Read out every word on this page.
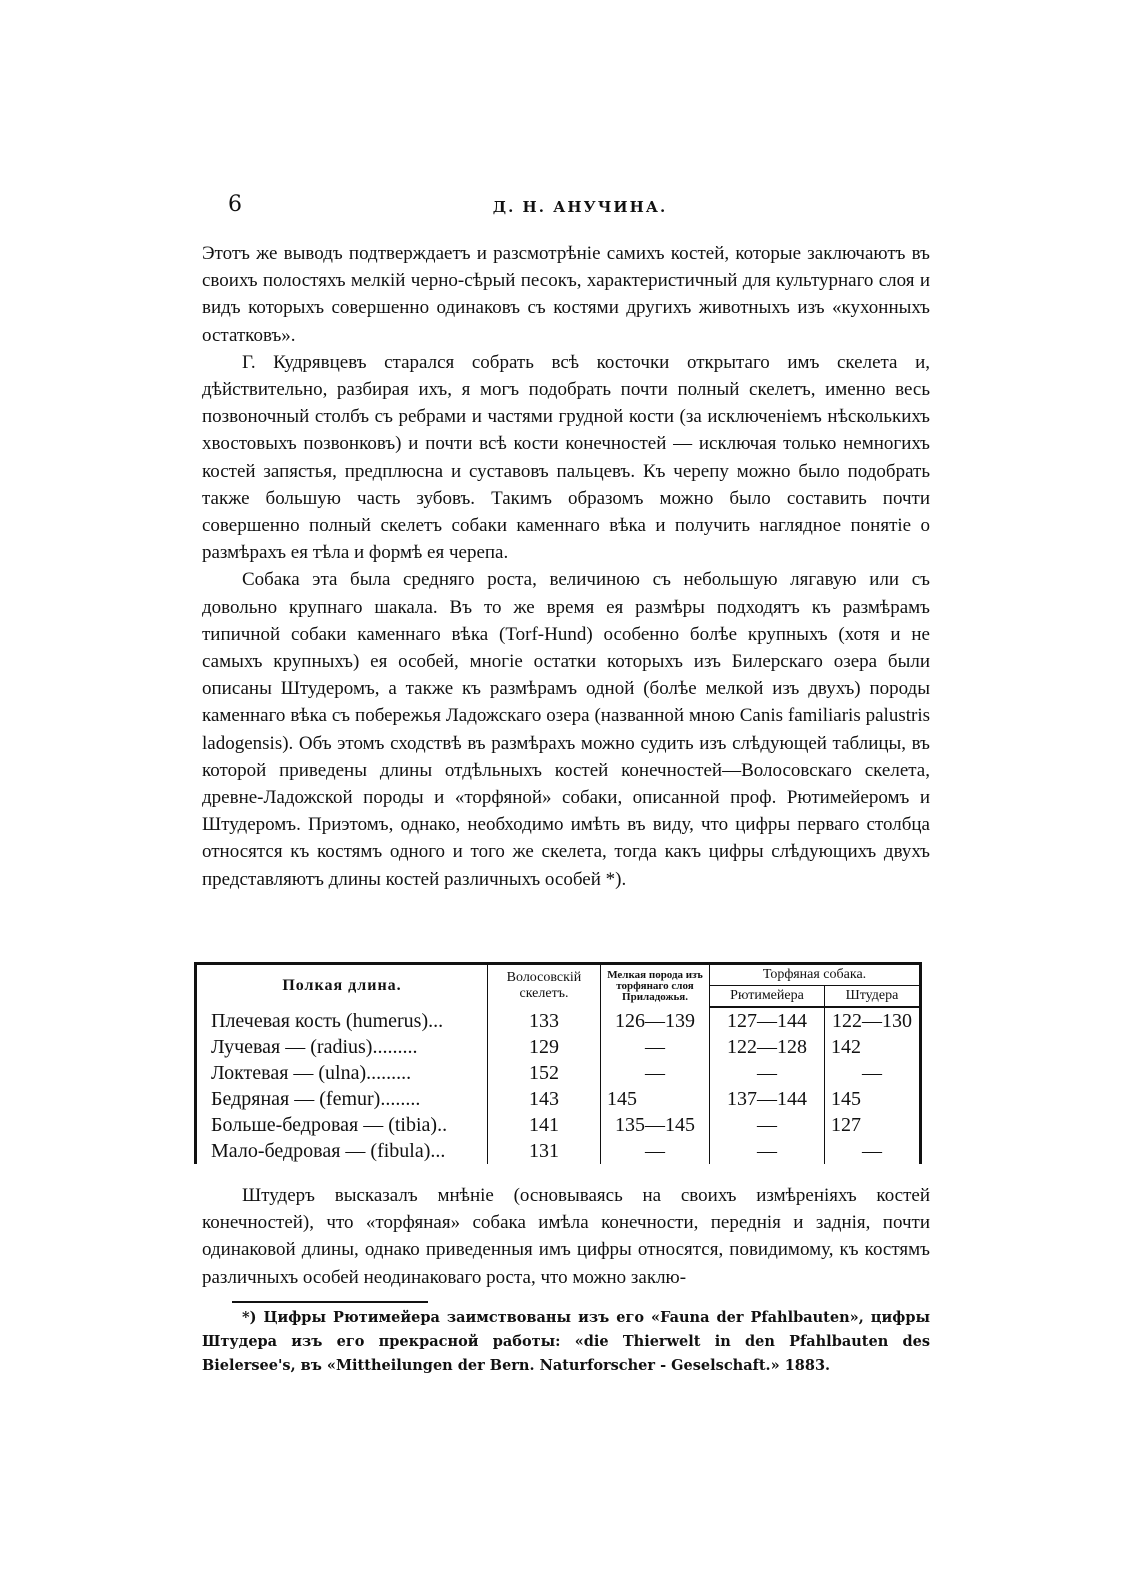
6	Д. Н. АНУЧИНА.

Этотъ же выводъ подтверждаетъ и разсмотрѣніе самихъ костей, которые заключаютъ въ своихъ полостяхъ мелкій черно-сѣрый песокъ, характеристичный для культурнаго слоя и видъ которыхъ совершенно одинаковъ съ костями другихъ животныхъ изъ «кухонныхъ остатковъ».

Г. Кудрявцевъ старался собрать всѣ косточки открытаго имъ скелета и, дѣйствительно, разбирая ихъ, я могъ подобрать почти полный скелетъ, именно весь позвоночный столбъ съ ребрами и частями грудной кости (за исключеніемъ нѣсколькихъ хвостовыхъ позвонковъ) и почти всѣ кости конечностей — исключая только немногихъ костей запястья, предплюсна и суставовъ пальцевъ. Къ черепу можно было подобрать также большую часть зубовъ. Такимъ образомъ можно было составить почти совершенно полный скелетъ собаки каменнаго вѣка и получить наглядное понятіе о размѣрахъ ея тѣла и формѣ ея черепа.

Собака эта была средняго роста, величиною съ небольшую лягавую или съ довольно крупнаго шакала. Въ то же время ея размѣры подходятъ къ размѣрамъ типичной собаки каменнаго вѣка (Torf-Hund) особенно болѣе крупныхъ (хотя и не самыхъ крупныхъ) ея особей, многіе остатки которыхъ изъ Билерскаго озера были описаны Штудеромъ, а также къ размѣрамъ одной (болѣе мелкой изъ двухъ) породы каменнаго вѣка съ побережья Ладожскаго озера (названной мною Canis familiaris palustris ladogensis). Объ этомъ сходствѣ въ размѣрахъ можно судить изъ слѣдующей таблицы, въ которой приведены длины отдѣльныхъ костей конечностей—Волосовскаго скелета, древне-Ладожской породы и «торфяной» собаки, описанной проф. Рютимейеромъ и Штудеромъ. Приэтомъ, однако, необходимо имѣть въ виду, что цифры перваго столбца относятся къ костямъ одного и того же скелета, тогда какъ цифры слѣдующихъ двухъ представляютъ длины костей различныхъ особей *).

Полкая длина.	Волосовскій скелетъ.	Мелкая порода изъ торфянаго слоя Приладожья.	Торфяная собака.	
			Рютимейера	Штудера
Плечевая кость (humerus)...	133	126—139	127—144	122—130
Лучевая — (radius).........	129	—	122—128	142
Локтевая — (ulna).........	152	—	—	—
Бедряная — (femur)........	143	145	137—144	145
Больше-бедровая — (tibia)..	141	135—145	—	127
Мало-бедровая — (fibula)...	131	—	—	—

Штудеръ высказалъ мнѣніе (основываясь на своихъ измѣреніяхъ костей конечностей), что «торфяная» собака имѣла конечности, переднія и заднія, почти одинаковой длины, однако приведенныя имъ цифры относятся, повидимому, къ костямъ различныхъ особей неодинаковаго роста, что можно заклю-

*) Цифры Рютимейера заимствованы изъ его «Fauna der Pfahlbauten», цифры Штудера изъ его прекрасной работы: «die Thierwelt in den Pfahlbauten des Bielersee's, въ «Mittheilungen der Bern. Naturforscher - Geselschaft.» 1883.
